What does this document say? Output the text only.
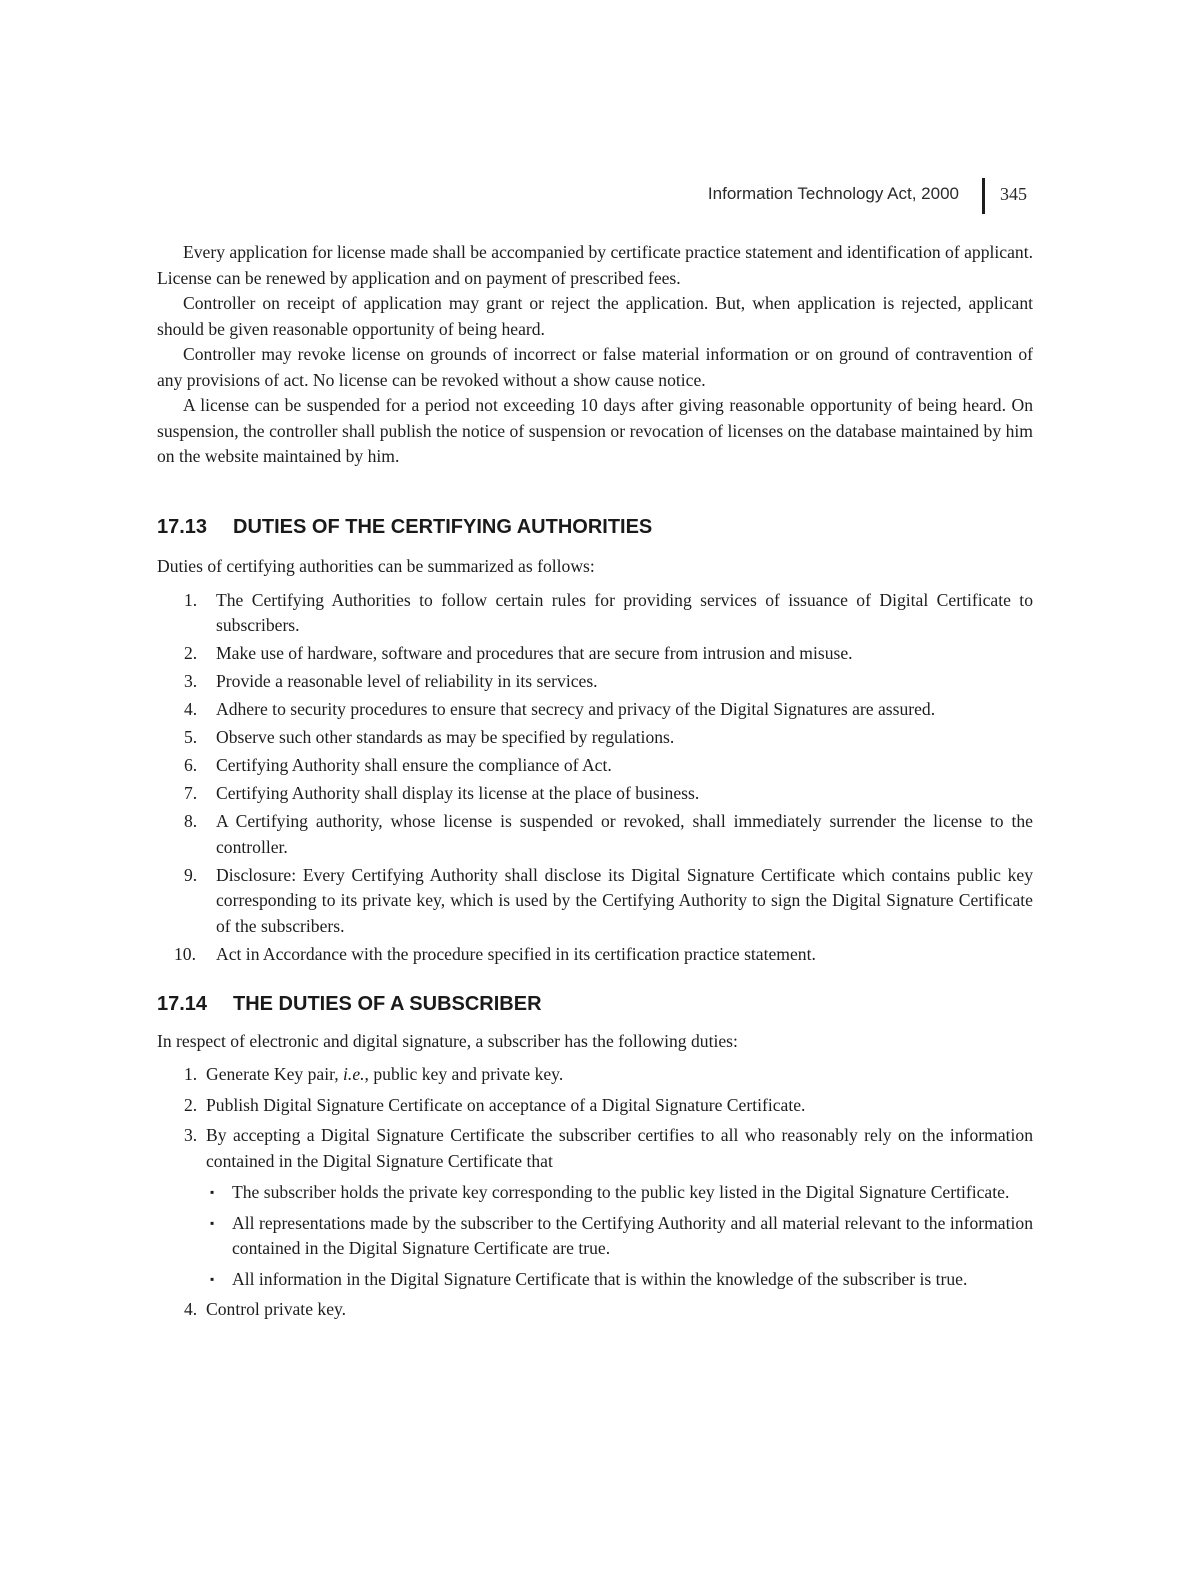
Information Technology Act, 2000 345

Every application for license made shall be accompanied by certificate practice statement and identification of applicant. License can be renewed by application and on payment of prescribed fees.

Controller on receipt of application may grant or reject the application. But, when application is rejected, applicant should be given reasonable opportunity of being heard.

Controller may revoke license on grounds of incorrect or false material information or on ground of contravention of any provisions of act. No license can be revoked without a show cause notice.

A license can be suspended for a period not exceeding 10 days after giving reasonable opportunity of being heard. On suspension, the controller shall publish the notice of suspension or revocation of licenses on the database maintained by him on the website maintained by him.

17.13 DUTIES OF THE CERTIFYING AUTHORITIES

Duties of certifying authorities can be summarized as follows:

1. The Certifying Authorities to follow certain rules for providing services of issuance of Digital Certificate to subscribers.
2. Make use of hardware, software and procedures that are secure from intrusion and misuse.
3. Provide a reasonable level of reliability in its services.
4. Adhere to security procedures to ensure that secrecy and privacy of the Digital Signatures are assured.
5. Observe such other standards as may be specified by regulations.
6. Certifying Authority shall ensure the compliance of Act.
7. Certifying Authority shall display its license at the place of business.
8. A Certifying authority, whose license is suspended or revoked, shall immediately surrender the license to the controller.
9. Disclosure: Every Certifying Authority shall disclose its Digital Signature Certificate which contains public key corresponding to its private key, which is used by the Certifying Authority to sign the Digital Signature Certificate of the subscribers.
10. Act in Accordance with the procedure specified in its certification practice statement.
17.14 THE DUTIES OF A SUBSCRIBER

In respect of electronic and digital signature, a subscriber has the following duties:

1. Generate Key pair, i.e., public key and private key.
2. Publish Digital Signature Certificate on acceptance of a Digital Signature Certificate.
3. By accepting a Digital Signature Certificate the subscriber certifies to all who reasonably rely on the information contained in the Digital Signature Certificate that
▪ The subscriber holds the private key corresponding to the public key listed in the Digital Signature Certificate.
▪ All representations made by the subscriber to the Certifying Authority and all material relevant to the information contained in the Digital Signature Certificate are true.
▪ All information in the Digital Signature Certificate that is within the knowledge of the subscriber is true.
4. Control private key.
